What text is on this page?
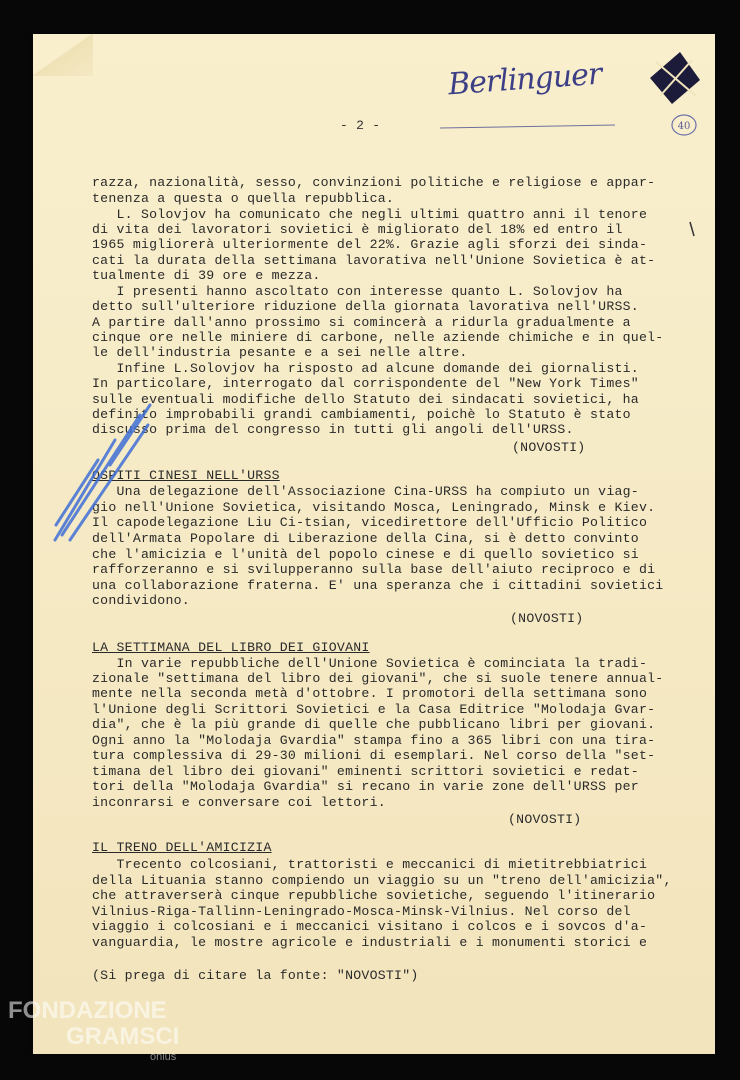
- 2 -
Berlinguer
razza, nazionalità, sesso, convinzioni politiche e religiose e appar-
tenenza a questa o quella repubblica.
L. Solovjov ha comunicato che negli ultimi quattro anni il tenore
di vita dei lavoratori sovietici è migliorato del 18% ed entro il
1965 migliorerà ulteriormente del 22%. Grazie agli sforzi dei sinda-
cati la durata della settimana lavorativa nell'Unione Sovietica è at-
tualmente di 39 ore e mezza.
I presenti hanno ascoltato con interesse quanto L. Solovjov ha
detto sull'ulteriore riduzione della giornata lavorativa nell'URSS.
A partire dall'anno prossimo si comincerà a ridurla gradualmente a
cinque ore nelle miniere di carbone, nelle aziende chimiche e in quel-
le dell'industria pesante e a sei nelle altre.
Infine L.Solovjov ha risposto ad alcune domande dei giornalisti.
In particolare, interrogato dal corrispondente del "New York Times"
sulle eventuali modifiche dello Statuto dei sindacati sovietici, ha
definito improbabili grandi cambiamenti, poichè lo Statuto è stato
discusso prima del congresso in tutti gli angoli dell'URSS.
(NOVOSTI)
OSPITI CINESI NELL'URSS
Una delegazione dell'Associazione Cina-URSS ha compiuto un viag-
gio nell'Unione Sovietica, visitando Mosca, Leningrado, Minsk e Kiev.
Il capodelegazione Liu Ci-tsian, vicedirettore dell'Ufficio Politico
dell'Armata Popolare di Liberazione della Cina, si è detto convinto
che l'amicizia e l'unità del popolo cinese e di quello sovietico si
rafforzeranno e si svilupperanno sulla base dell'aiuto reciproco e di
una collaborazione fraterna. E' una speranza che i cittadini sovietici
condividono.
(NOVOSTI)
LA SETTIMANA DEL LIBRO DEI GIOVANI
In varie repubbliche dell'Unione Sovietica è cominciata la tradi-
zionale "settimana del libro dei giovani", che si suole tenere annual-
mente nella seconda metà d'ottobre. I promotori della settimana sono
l'Unione degli Scrittori Sovietici e la Casa Editrice "Molodaja Gvar-
dia", che è la più grande di quelle che pubblicano libri per giovani.
Ogni anno la "Molodaja Gvardia" stampa fino a 365 libri con una tira-
tura complessiva di 29-30 milioni di esemplari. Nel corso della "set-
timana del libro dei giovani" eminenti scrittori sovietici e redat-
tori della "Molodaja Gvardia" si recano in varie zone dell'URSS per
inconrarsi e conversare coi lettori.
(NOVOSTI)
IL TRENO DELL'AMICIZIA
Trecento colcosiani, trattoristi e meccanici di mietitrebbiatrici
della Lituania stanno compiendo un viaggio su un "treno dell'amicizia",
che attraverserà cinque repubbliche sovietiche, seguendo l'itinerario
Vilnius-Riga-Tallinn-Leningrado-Mosca-Minsk-Vilnius. Nel corso del
viaggio i colcosiani e i meccanici visitano i colcos e i sovcos d'a-
vanguardia, le mostre agricole e industriali e i monumenti storici e
(Si prega di citare la fonte: "NOVOSTI")
40
FONDAZIONE
GRAMSCI
onlus
